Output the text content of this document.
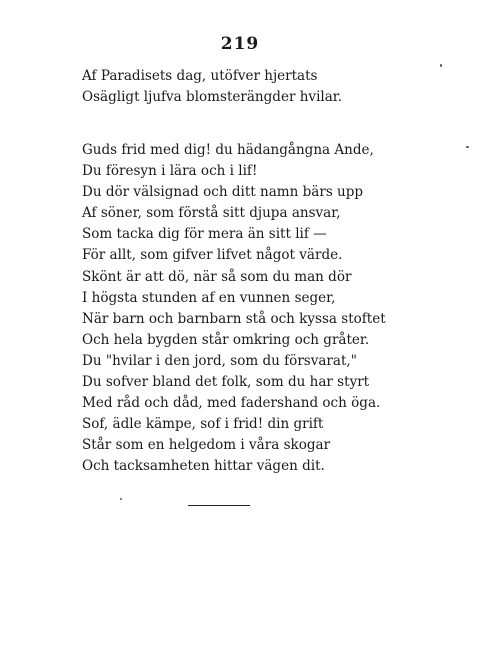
219
Af Paradisets dag, utöfver hjertats
Osägligt ljufva blomsterängder hvilar.
Guds frid med dig! du hädangångna Ande,
Du föresyn i lära och i lif!
Du dör välsignad och ditt namn bärs upp
Af söner, som förstå sitt djupa ansvar,
Som tacka dig för mera än sitt lif —
För allt, som gifver lifvet något värde.
Skönt är att dö, när så som du man dör
I högsta stunden af en vunnen seger,
När barn och barnbarn stå och kyssa stoftet
Och hela bygden står omkring och gråter.
Du "hvilar i den jord, som du försvarat,"
Du sofver bland det folk, som du har styrt
Med råd och dåd, med fadershand och öga.
Sof, ädle kämpe, sof i frid! din grift
Står som en helgedom i våra skogar
Och tacksamheten hittar vägen dit.
